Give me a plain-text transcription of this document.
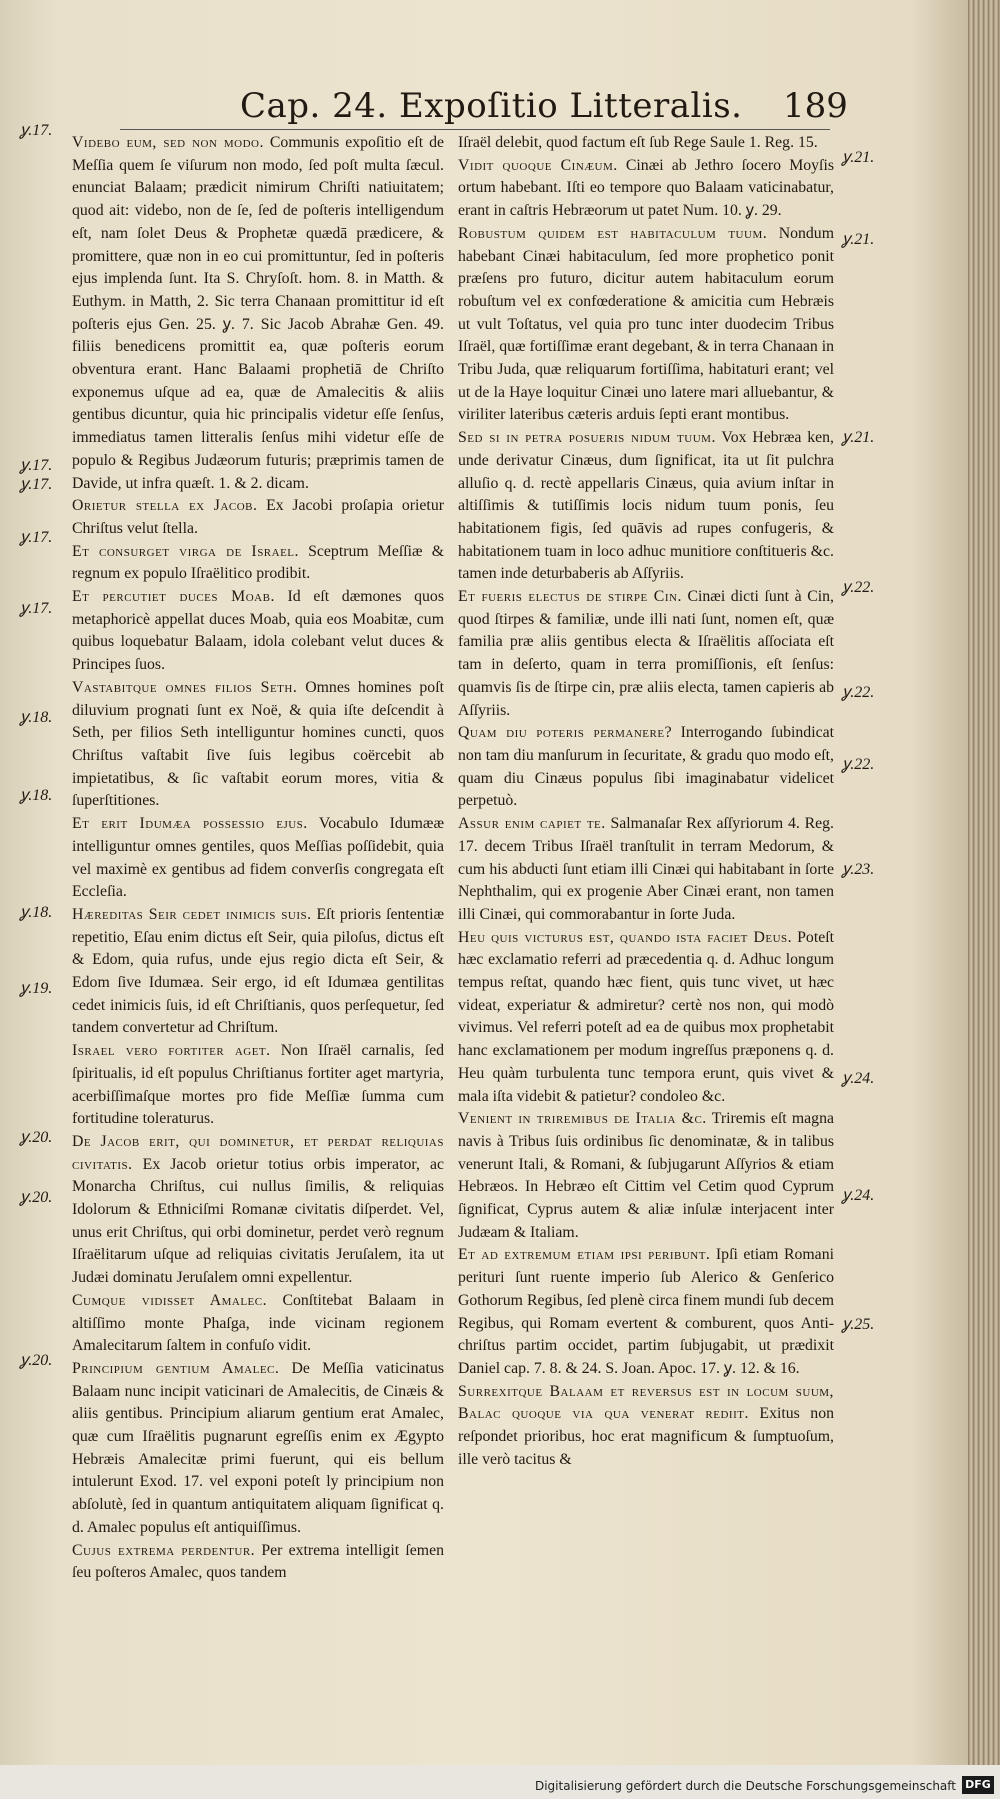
Cap. 24. Expoſitio Litteralis. 189

Videbo eum, sed non modo. Communis expoſitio eſt de Meſſia quem ſe viſurum non modo, ſed poſt multa ſæcul. enunciat Balaam; prædicit nimirum Chriſti natiuitatem; quod ait: videbo, non de ſe, ſed de poſteris intelligendum eſt, nam ſolet Deus & Prophetæ quædā prædicere, & promittere, quæ non in eo cui promittuntur, ſed in poſteris ejus implenda ſunt. Ita S. Chryſoſt. hom. 8. in Matth. & Euthym. in Matth, 2. Sic terra Chanaan promittitur id eſt poſteris ejus Gen. 25. ỿ. 7. Sic Jacob Abrahæ Gen. 49. filiis benedicens promittit ea, quæ poſteris eorum obventura erant. Hanc Balaami prophetiā de Chriſto exponemus uſque ad ea, quæ de Amalecitis & aliis gentibus dicuntur, quia hic principalis videtur eſſe ſenſus, immediatus tamen litteralis ſenſus mihi videtur eſſe de populo & Regibus Judæorum futuris; præprimis tamen de Davide, ut infra quæſt. 1. & 2. dicam.

Orietur stella ex Jacob. Ex Jacobi proſapia orietur Chriſtus velut ſtella.

Et consurget virga de Israel. Sceptrum Meſſiæ & regnum ex populo Iſraëlitico prodibit.

Et percutiet duces Moab. Id eſt dæmones quos metaphoricè appellat duces Moab, quia eos Moabitæ, cum quibus loquebatur Balaam, idola colebant velut duces & Principes ſuos.

Vastabitque omnes filios Seth. Omnes homines poſt diluvium prognati ſunt ex Noë, & quia iſte deſcendit à Seth, per filios Seth intelliguntur homines cuncti, quos Chriſtus vaſtabit ſive ſuis legibus coërcebit ab impietatibus, & ſic vaſtabit eorum mores, vitia & ſuperſtitiones.

Et erit Idumæa possessio ejus. Vocabulo Idumææ intelliguntur omnes gentiles, quos Meſſias poſſidebit, quia vel maximè ex gentibus ad fidem converſis congregata eſt Eccleſia.

Hæreditas Seir cedet inimicis suis. Eſt prioris ſententiæ repetitio, Eſau enim dictus eſt Seir, quia piloſus, dictus eſt & Edom, quia rufus, unde ejus regio dicta eſt Seir, & Edom ſive Idumæa. Seir ergo, id eſt Idumæa gentilitas cedet inimicis ſuis, id eſt Chriſtianis, quos perſequetur, ſed tandem convertetur ad Chriſtum.

Israel vero fortiter aget. Non Iſraël carnalis, ſed ſpiritualis, id eſt populus Chriſtianus fortiter aget martyria, acerbiſſimaſque mortes pro fide Meſſiæ ſumma cum fortitudine toleraturus.

De Jacob erit, qui dominetur, et perdat reliquias civitatis. Ex Jacob orietur totius orbis imperator, ac Monarcha Chriſtus, cui nullus ſimilis, & reliquias Idolorum & Ethniciſmi Romanæ civitatis diſperdet. Vel, unus erit Chriſtus, qui orbi dominetur, perdet verò regnum Iſraëlitarum uſque ad reliquias civitatis Jeruſalem, ita ut Judæi dominatu Jeruſalem omni expellentur.

Cumque vidisset Amalec. Conſtitebat Balaam in altiſſimo monte Phaſga, inde vicinam regionem Amalecitarum ſaltem in confuſo vidit.

Principium gentium Amalec. De Meſſia vaticinatus Balaam nunc incipit vaticinari de Amalecitis, de Cinæis & aliis gentibus. Principium aliarum gentium erat Amalec, quæ cum Iſraëlitis pugnarunt egreſſis enim ex Ægypto Hebræis Amalecitæ primi fuerunt, qui eis bellum intulerunt Exod. 17. vel exponi poteſt ly principium non abſolutè, ſed in quantum antiquitatem aliquam ſignificat q. d. Amalec populus eſt antiquiſſimus.

Cujus extrema perdentur. Per extrema intelligit ſemen ſeu poſteros Amalec, quos tandem

Iſraël delebit, quod factum eſt ſub Rege Saule 1. Reg. 15.

Vidit quoque Cinæum. Cinæi ab Jethro ſocero Moyſis ortum habebant. Iſti eo tempore quo Balaam vaticinabatur, erant in caſtris Hebræorum ut patet Num. 10. ỿ. 29.

Robustum quidem est habitaculum tuum. Nondum habebant Cinæi habitaculum, ſed more prophetico ponit præſens pro futuro, dicitur autem habitaculum eorum robuſtum vel ex confœderatione & amicitia cum Hebræis ut vult Toſtatus, vel quia pro tunc inter duodecim Tribus Iſraël, quæ fortiſſimæ erant degebant, & in terra Chanaan in Tribu Juda, quæ reliquarum fortiſſima, habitaturi erant; vel ut de la Haye loquitur Cinæi uno latere mari alluebantur, & viriliter lateribus cæteris arduis ſepti erant montibus.

Sed si in petra posueris nidum tuum. Vox Hebræa ken, unde derivatur Cinæus, dum ſignificat, ita ut ſit pulchra alluſio q. d. rectè appellaris Cinæus, quia avium inſtar in altiſſimis & tutiſſimis locis nidum tuum ponis, ſeu habitationem figis, ſed quāvis ad rupes confugeris, & habitationem tuam in loco adhuc munitiore conſtitueris &c. tamen inde deturbaberis ab Aſſyriis.

Et fueris electus de stirpe Cin. Cinæi dicti ſunt à Cin, quod ſtirpes & familiæ, unde illi nati ſunt, nomen eſt, quæ familia præ aliis gentibus electa & Iſraëlitis aſſociata eſt tam in deſerto, quam in terra promiſſionis, eſt ſenſus: quamvis ſis de ſtirpe cin, præ aliis electa, tamen capieris ab Aſſyriis.

Quam diu poteris permanere? Interrogando ſubindicat non tam diu manſurum in ſecuritate, & gradu quo modo eſt, quam diu Cinæus populus ſibi imaginabatur videlicet perpetuò.

Assur enim capiet te. Salmanaſar Rex aſſyriorum 4. Reg. 17. decem Tribus Iſraël tranſtulit in terram Medorum, & cum his abducti ſunt etiam illi Cinæi qui habitabant in ſorte Nephthalim, qui ex progenie Aber Cinæi erant, non tamen illi Cinæi, qui commorabantur in ſorte Juda.

Heu quis victurus est, quando ista faciet Deus. Poteſt hæc exclamatio referri ad præcedentia q. d. Adhuc longum tempus reſtat, quando hæc fient, quis tunc vivet, ut hæc videat, experiatur & admiretur? certè nos non, qui modò vivimus. Vel referri poteſt ad ea de quibus mox prophetabit hanc exclamationem per modum ingreſſus præponens q. d. Heu quàm turbulenta tunc tempora erunt, quis vivet & mala iſta videbit & patietur? condoleo &c.

Venient in triremibus de Italia &c. Triremis eſt magna navis à Tribus ſuis ordinibus ſic denominatæ, & in talibus venerunt Itali, & Romani, & ſubjugarunt Aſſyrios & etiam Hebræos. In Hebræo eſt Cittim vel Cetim quod Cyprum ſignificat, Cyprus autem & aliæ inſulæ interjacent inter Judæam & Italiam.

Et ad extremum etiam ipsi peribunt. Ipſi etiam Romani perituri ſunt ruente imperio ſub Alerico & Genſerico Gothorum Regibus, ſed plenè circa finem mundi ſub decem Regibus, qui Romam evertent & comburent, quos Anti-chriſtus partim occidet, partim ſubjugabit, ut prædixit Daniel cap. 7. 8. & 24. S. Joan. Apoc. 17. ỿ. 12. & 16.

Surrexitque Balaam et reversus est in locum suum, Balac quoque via qua venerat rediit. Exitus non reſpondet prioribus, hoc erat magnificum & ſumptuoſum, ille verò tacitus &

ỿ.17.
ỿ.17.
ỿ.17.
ỿ.17.
ỿ.17.
ỿ.18.
ỿ.18.
ỿ.18.
ỿ.19.
ỿ.20.
ỿ.20.
ỿ.20.
ỿ.21.
ỿ.21.
ỿ.21.
ỿ.22.
ỿ.22.
ỿ.22.
ỿ.23.
ỿ.24.
ỿ.24.
ỿ.25.
Digitalisierung gefördert durch die Deutsche Forschungsgemeinschaft DFG
